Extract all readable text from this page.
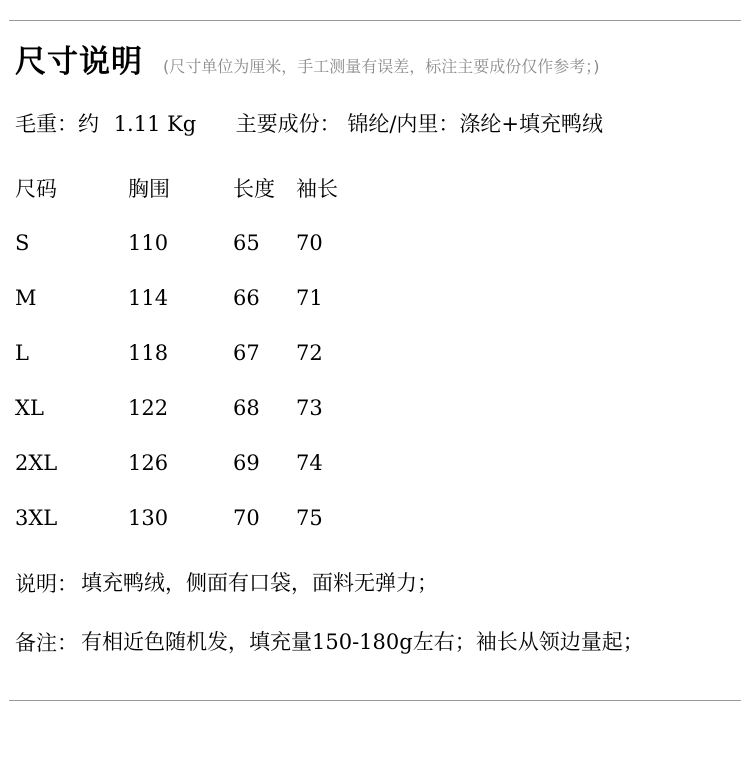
尺寸说明 (尺寸单位为厘米，手工测量有误差，标注主要成份仅作参考；)
毛重：约 1.11 Kg 主要成份： 锦纶/内里：涤纶+填充鸭绒
尺码	胸围	长度 袖长
S	110	65 70
M	114	66 71
L	118	67 72
XL	122	68 73
2XL	126	69 74
3XL	130	70 75
说明： 填充鸭绒，侧面有口袋，面料无弹力；
备注： 有相近色随机发，填充量150-180g左右；袖长从领边量起；
